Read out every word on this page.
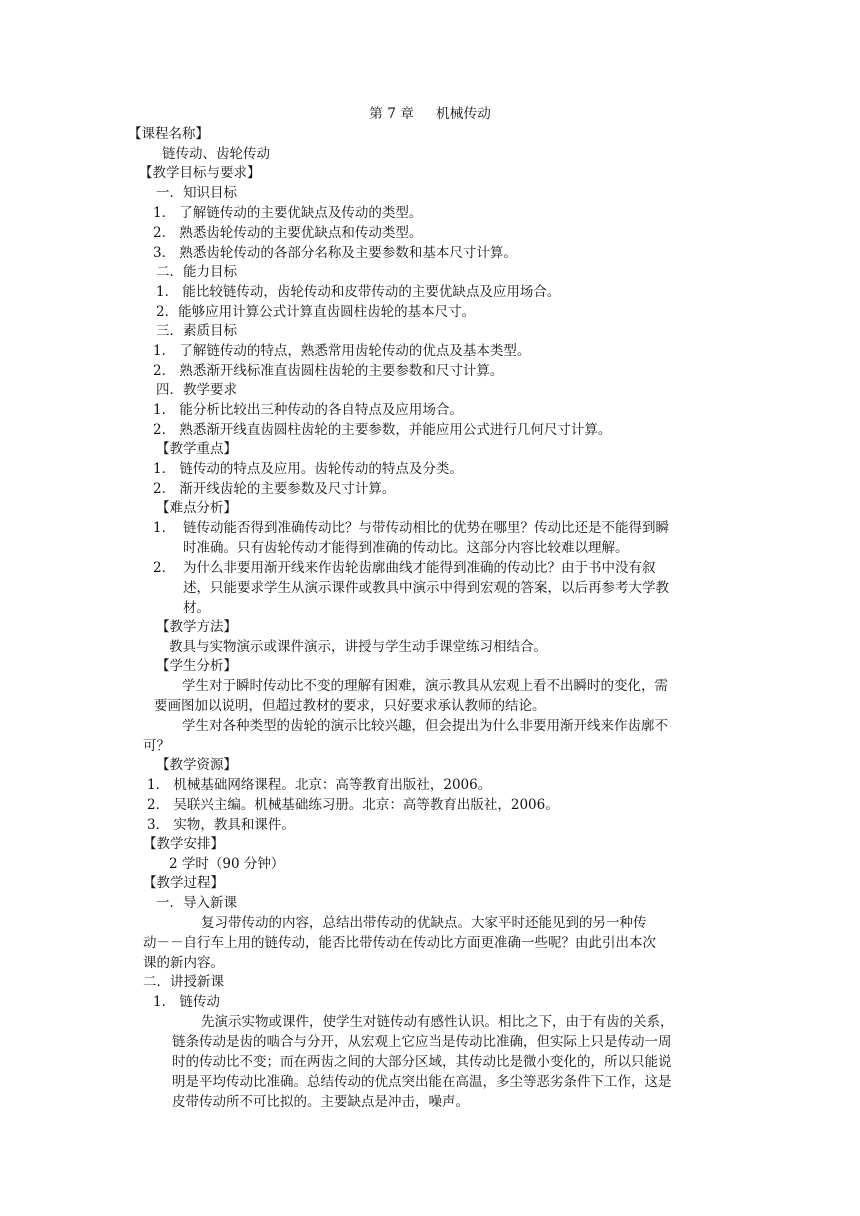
第 7 章 机械传动
【课程名称】
链传动、齿轮传动
【教学目标与要求】
一．知识目标
1． 了解链传动的主要优缺点及传动的类型。
2． 熟悉齿轮传动的主要优缺点和传动类型。
3． 熟悉齿轮传动的各部分名称及主要参数和基本尺寸计算。
二．能力目标
1． 能比较链传动，齿轮传动和皮带传动的主要优缺点及应用场合。
2．能够应用计算公式计算直齿圆柱齿轮的基本尺寸。
三．素质目标
1． 了解链传动的特点，熟悉常用齿轮传动的优点及基本类型。
2． 熟悉渐开线标准直齿圆柱齿轮的主要参数和尺寸计算。
四．教学要求
1． 能分析比较出三种传动的各自特点及应用场合。
2． 熟悉渐开线直齿圆柱齿轮的主要参数，并能应用公式进行几何尺寸计算。
【教学重点】
1． 链传动的特点及应用。齿轮传动的特点及分类。
2． 渐开线齿轮的主要参数及尺寸计算。
【难点分析】
1． 链传动能否得到准确传动比？与带传动相比的优势在哪里？传动比还是不能得到瞬
时准确。只有齿轮传动才能得到准确的传动比。这部分内容比较难以理解。
2． 为什么非要用渐开线来作齿轮齿廓曲线才能得到准确的传动比？由于书中没有叙
述，只能要求学生从演示课件或教具中演示中得到宏观的答案，以后再参考大学教
材。
【教学方法】
教具与实物演示或课件演示，讲授与学生动手课堂练习相结合。
【学生分析】
学生对于瞬时传动比不变的理解有困难，演示教具从宏观上看不出瞬时的变化，需
要画图加以说明，但超过教材的要求，只好要求承认教师的结论。
学生对各种类型的齿轮的演示比较兴趣，但会提出为什么非要用渐开线来作齿廓不
可？
【教学资源】
1． 机械基础网络课程。北京：高等教育出版社，2006。
2． 吴联兴主编。机械基础练习册。北京：高等教育出版社，2006。
3． 实物，教具和课件。
【教学安排】
2 学时（90 分钟）
【教学过程】
一．导入新课
复习带传动的内容，总结出带传动的优缺点。大家平时还能见到的另一种传
动－－自行车上用的链传动，能否比带传动在传动比方面更准确一些呢？由此引出本次
课的新内容。
二．讲授新课
1． 链传动
先演示实物或课件，使学生对链传动有感性认识。相比之下，由于有齿的关系，
链条传动是齿的啮合与分开，从宏观上它应当是传动比准确，但实际上只是传动一周
时的传动比不变；而在两齿之间的大部分区域，其传动比是微小变化的，所以只能说
明是平均传动比准确。总结传动的优点突出能在高温，多尘等恶劣条件下工作，这是
皮带传动所不可比拟的。主要缺点是冲击，噪声。
